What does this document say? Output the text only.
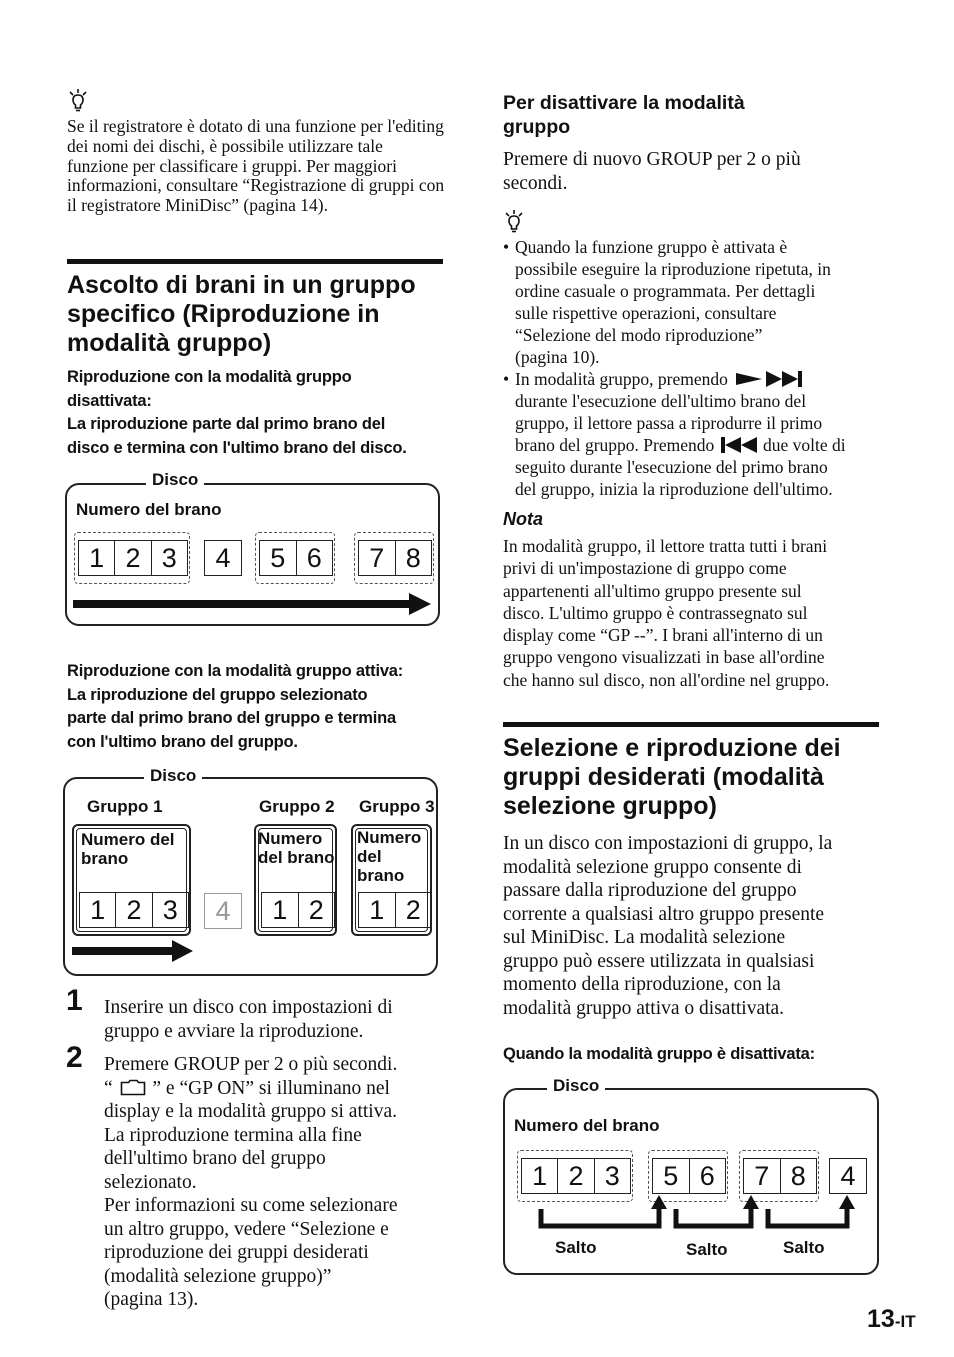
Se il registratore è dotato di una funzione per l'editing dei nomi dei dischi, è possibile utilizzare tale funzione per classificare i gruppi. Per maggiori informazioni, consultare “Registrazione di gruppi con il registratore MiniDisc” (pagina 14).
Ascolto di brani in un gruppo
specifico (Riproduzione in
modalità gruppo)
Riproduzione con la modalità gruppo
disattivata:
La riproduzione parte dal primo brano del
disco e termina con l'ultimo brano del disco.
Disco
Numero del brano
1 2 3	4	5 6	7 8
Riproduzione con la modalità gruppo attiva:
La riproduzione del gruppo selezionato
parte dal primo brano del gruppo e termina
con l'ultimo brano del gruppo.
Disco
Gruppo 1	Gruppo 2 Gruppo 3
Numero del
brano
1 2 3	4
Numero
del brano
1 2
Numero
del
brano
1 2
1 Inserire un disco con impostazioni di
gruppo e avviare la riproduzione.
2 Premere GROUP per 2 o più secondi.
“ ” e “GP ON” si illuminano nel
display e la modalità gruppo si attiva.
La riproduzione termina alla fine
dell'ultimo brano del gruppo
selezionato.
Per informazioni su come selezionare
un altro gruppo, vedere “Selezione e
riproduzione dei gruppi desiderati
(modalità selezione gruppo)”
(pagina 13).
Per disattivare la modalità
gruppo
Premere di nuovo GROUP per 2 o più
secondi.
• Quando la funzione gruppo è attivata è
possibile eseguire la riproduzione ripetuta, in
ordine casuale o programmata. Per dettagli
sulle rispettive operazioni, consultare
“Selezione del modo riproduzione”
(pagina 10).
• In modalità gruppo, premendo
durante l'esecuzione dell'ultimo brano del
gruppo, il lettore passa a riprodurre il primo
brano del gruppo. Premendo	due volte di
seguito durante l'esecuzione del primo brano
del gruppo, inizia la riproduzione dell'ultimo.
Nota
In modalità gruppo, il lettore tratta tutti i brani
privi di un'impostazione di gruppo come
appartenenti all'ultimo gruppo presente sul
disco. L'ultimo gruppo è contrassegnato sul
display come “GP --”. I brani all'interno di un
gruppo vengono visualizzati in base all'ordine
che hanno sul disco, non all'ordine nel gruppo.
Selezione e riproduzione dei
gruppi desiderati (modalità
selezione gruppo)
In un disco con impostazioni di gruppo, la
modalità selezione gruppo consente di
passare dalla riproduzione del gruppo
corrente a qualsiasi altro gruppo presente
sul MiniDisc. La modalità selezione
gruppo può essere utilizzata in qualsiasi
momento della riproduzione, con la
modalità gruppo attiva o disattivata.
Quando la modalità gruppo è disattivata:
Disco
Numero del brano
1 2 3	5 6	7 8	4
Salto	Salto	Salto
13-IT
